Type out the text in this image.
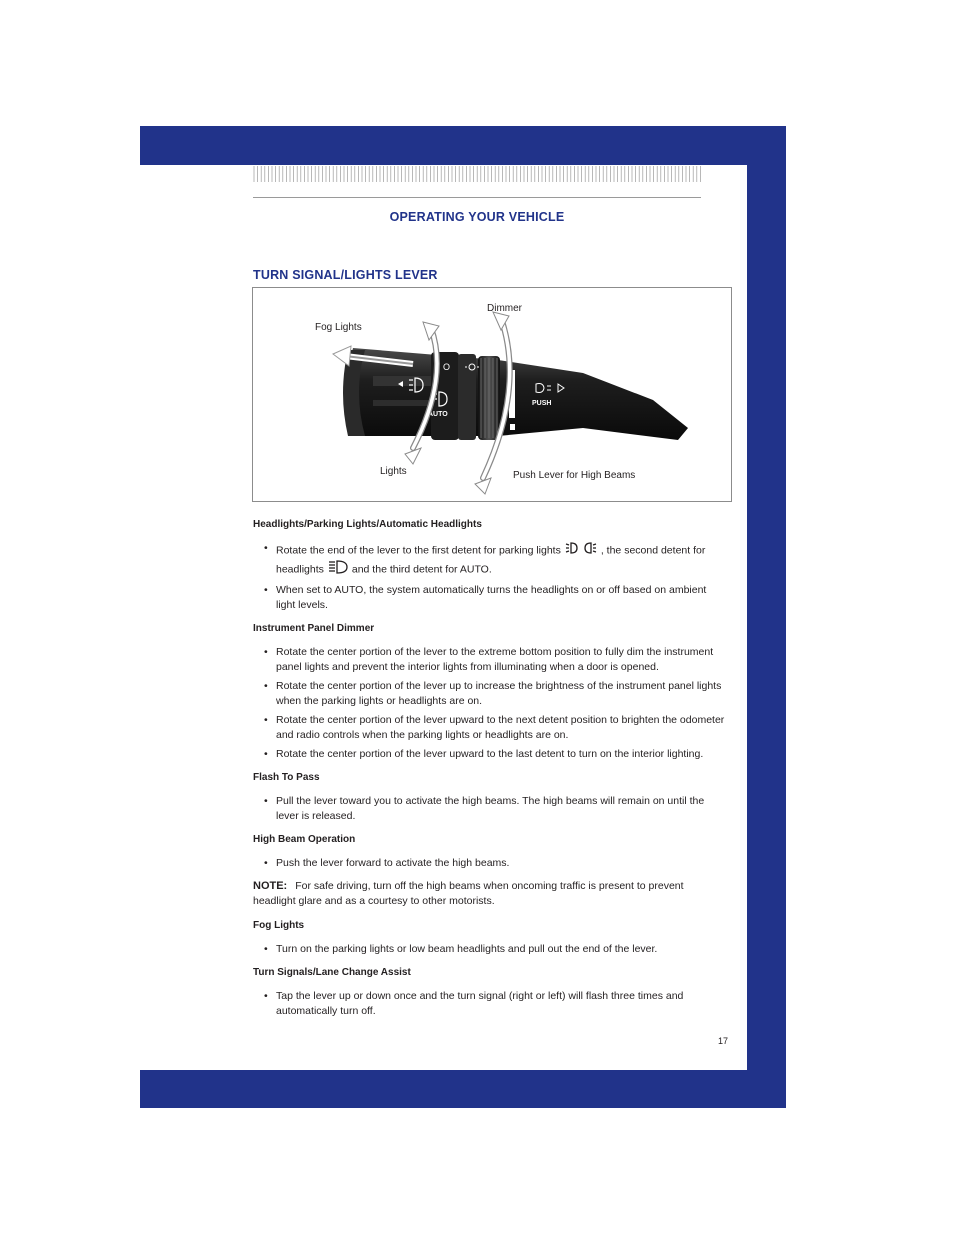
OPERATING YOUR VEHICLE
TURN SIGNAL/LIGHTS LEVER
O
AUTO
PUSH
Fog Lights
Dimmer
Lights	Push Lever for High Beams
Headlights/Parking Lights/Automatic Headlights
• Rotate the end of the lever to the first detent for parking lights	, the second detent for headlights	and the third detent for AUTO.
• When set to AUTO, the system automatically turns the headlights on or off based on ambient light levels.
Instrument Panel Dimmer
• Rotate the center portion of the lever to the extreme bottom position to fully dim the instrument panel lights and prevent the interior lights from illuminating when a door is opened.
• Rotate the center portion of the lever up to increase the brightness of the instrument panel lights when the parking lights or headlights are on.
• Rotate the center portion of the lever upward to the next detent position to brighten the odometer and radio controls when the parking lights or headlights are on.
• Rotate the center portion of the lever upward to the last detent to turn on the interior lighting.
Flash To Pass
• Pull the lever toward you to activate the high beams. The high beams will remain on until the lever is released.
High Beam Operation
• Push the lever forward to activate the high beams.
NOTE: For safe driving, turn off the high beams when oncoming traffic is present to prevent headlight glare and as a courtesy to other motorists.
Fog Lights
• Turn on the parking lights or low beam headlights and pull out the end of the lever.
Turn Signals/Lane Change Assist
• Tap the lever up or down once and the turn signal (right or left) will flash three times and automatically turn off.
17
